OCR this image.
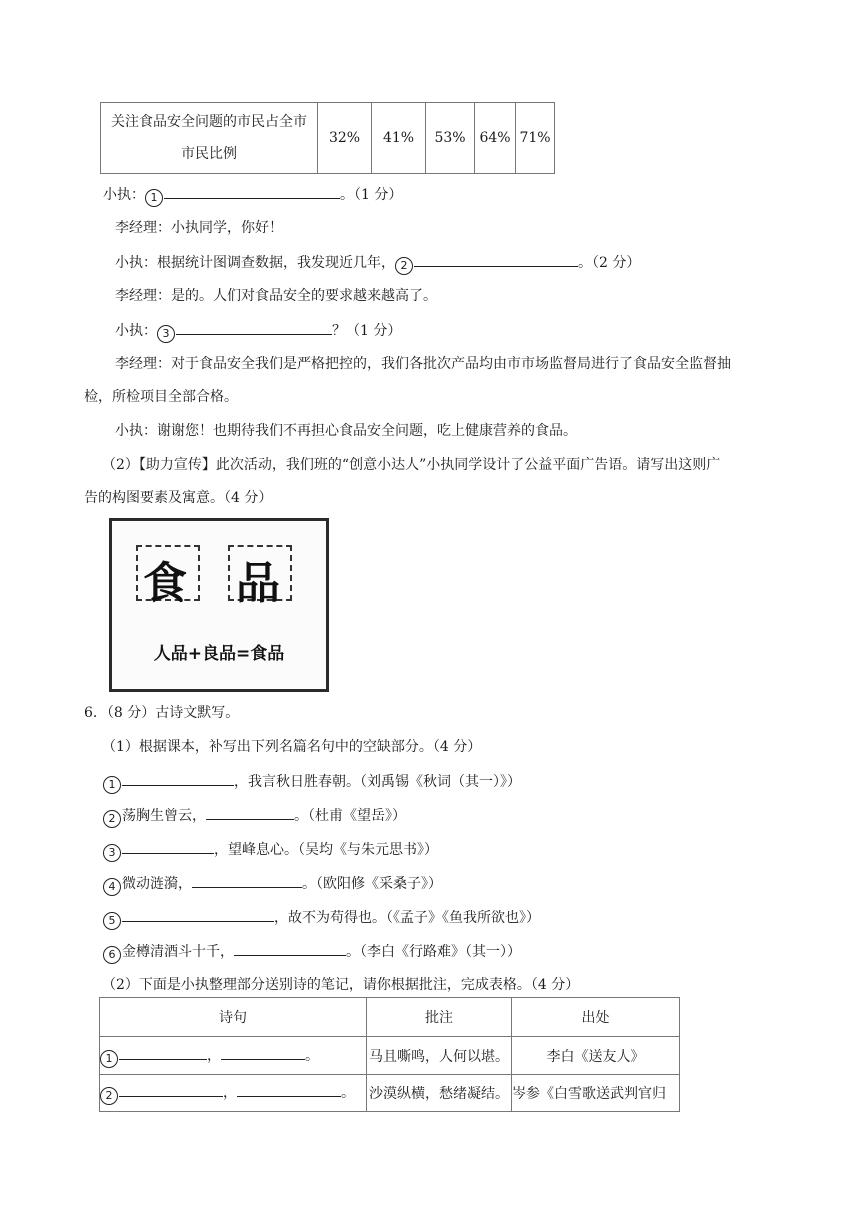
关注食品安全问题的市民占全市
市民比例
	32%	41%	53%	64%	71%
小执： 1	。（1 分）
李经理：小执同学，你好！
小执：根据统计图调查数据，我发现近几年， 2	。（2 分）
李经理：是的。人们对食品安全的要求越来越高了。
小执： 3	？（1 分）
李经理：对于食品安全我们是严格把控的，我们各批次产品均由市市场监督局进行了食品安全监督抽
检，所检项目全部合格。
小执：谢谢您！也期待我们不再担心食品安全问题，吃上健康营养的食品。
（2）【助力宣传】此次活动，我们班的“创意小达人”小执同学设计了公益平面广告语。请写出这则广
告的构图要素及寓意。（4 分）
食 品
人品+良品=食品
6．（8 分）古诗文默写。
（1）根据课本，补写出下列名篇名句中的空缺部分。（4 分）
1	，我言秋日胜春朝。（刘禹锡《秋词（其一）》）
2 荡胸生曾云，	。（杜甫《望岳》）
3	，望峰息心。（吴均《与朱元思书》）
4 微动涟漪，	。（欧阳修《采桑子》）
5	，故不为苟得也。（《孟子》《鱼我所欲也》）
6 金樽清酒斗十千，	。（李白《行路难》（其一））
（2）下面是小执整理部分送别诗的笔记，请你根据批注，完成表格。（4 分）
诗句	批注	出处
1 ， 。	马且嘶鸣，人何以堪。	李白《送友人》
2 ， 。	沙漠纵横，愁绪凝结。	岑参《白雪歌送武判官归
